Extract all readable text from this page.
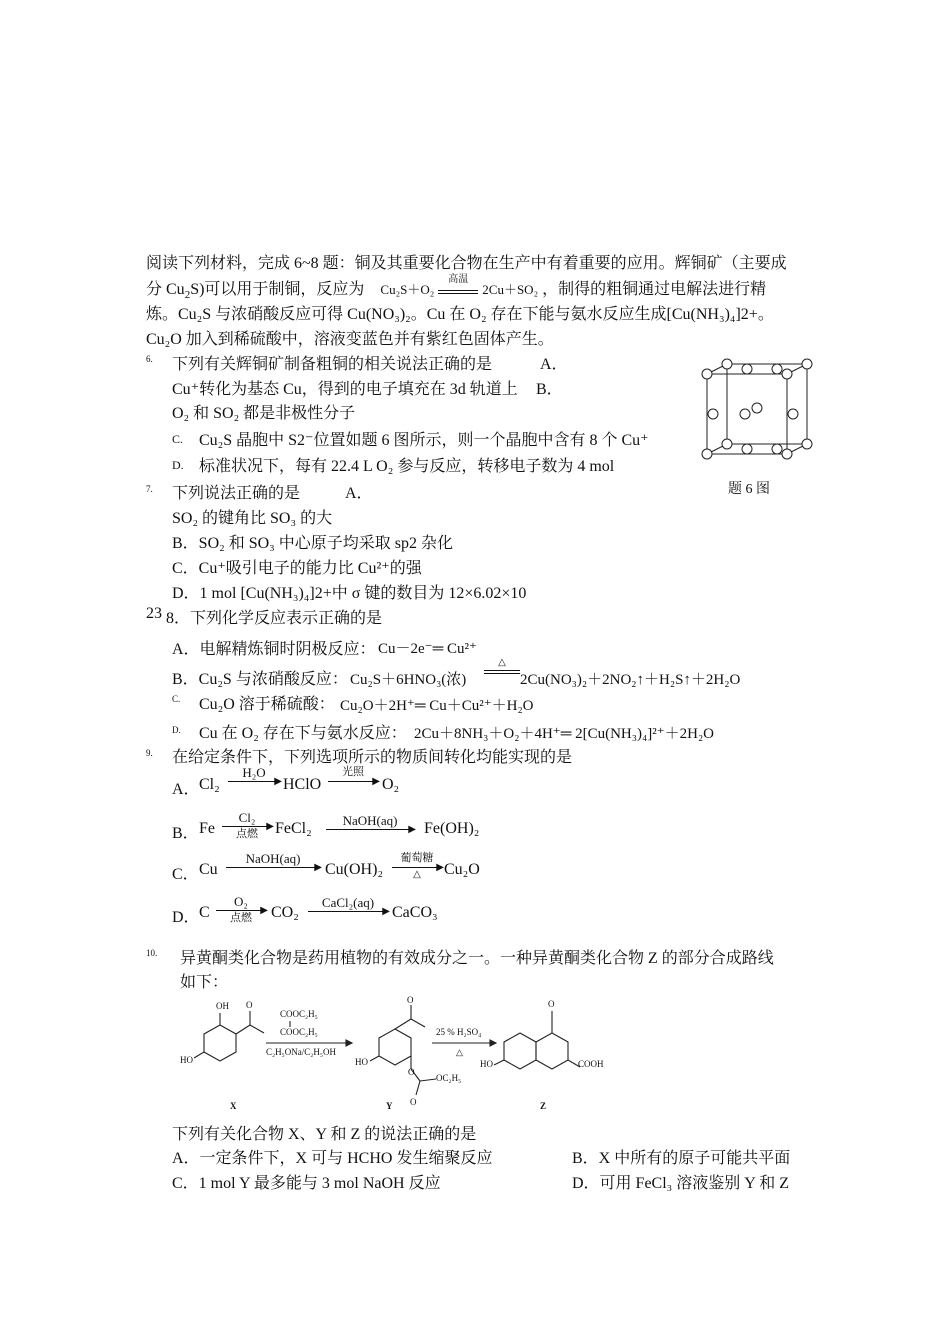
阅读下列材料，完成 6~8 题：铜及其重要化合物在生产中有着重要的应用。辉铜矿（主要成
分 $Cu_2S$)可以用于制铜，反应为 Cu₂S＋O₂
高温
2Cu＋SO₂ ，制得的粗铜通过电解法进行精
炼。Cu₂S 与浓硝酸反应可得 Cu(NO₃)₂。Cu 在 O₂ 存在下能与氨水反应生成[Cu(NH₃)₄]2+。
Cu₂O 加入到稀硫酸中，溶液变蓝色并有紫红色固体产生。
6. 下列有关辉铜矿制备粗铜的相关说法正确的是	A．
Cu⁺转化为基态 Cu，得到的电子填充在 3d 轨道上 B．
O₂ 和 SO₂ 都是非极性分子
C. Cu₂S 晶胞中 S2⁻位置如题 6 图所示，则一个晶胞中含有 8 个 Cu⁺
D. 标准状况下，每有 22.4 L O₂ 参与反应，转移电子数为 4 mol
题 6 图
7. 下列说法正确的是	A．
SO₂ 的键角比 SO₃ 的大
B．SO₂ 和 SO₃ 中心原子均采取 sp2 杂化
C．Cu⁺吸引电子的能力比 Cu²⁺的强
D．1 mol [Cu(NH₃)₄]2+中 σ 键的数目为 12×6.02×10
23 8．下列化学反应表示正确的是
A．电解精炼铜时阴极反应： Cu－2e⁻═ Cu²⁺
B．Cu₂S 与浓硝酸反应： Cu₂S＋6HNO₃(浓)
△
2Cu(NO₃)₂＋2NO₂↑＋H₂S↑＋2H₂O
C. Cu₂O 溶于稀硫酸： Cu₂O＋2H⁺═ Cu＋Cu²⁺＋H₂O
D. Cu 在 O₂ 存在下与氨水反应： 2Cu＋8NH₃＋O₂＋4H⁺═ 2[Cu(NH₃)₄]²⁺＋2H₂O
9. 在给定条件下，下列选项所示的物质间转化均能实现的是
A． Cl₂
H₂O
▶ HClO
光照
▶ O₂
B． Fe
Cl₂
▶
点燃	FeCl₂	NaOH(aq)
▶ Fe(OH)₂
C． Cu
NaOH(aq)
▶ Cu(OH)₂
葡萄糖
▶
△	Cu₂O
D． C
O₂
▶
点燃	CO₂
CaCl₂(aq)
▶ CaCO₃
10. 异黄酮类化合物是药用植物的有效成分之一。一种异黄酮类化合物 Z 的部分合成路线
如下：
OH O
HO
COOC₂H₅
COOC₂H₅
C₂H₅ONa/C₂H₅OH
O
HO
O
O
OC₂H₅
25 % H₂SO₄
△
O
HO	COOH
X	Y	Z
下列有关化合物 X、Y 和 Z 的说法正确的是
A．一定条件下，X 可与 HCHO 发生缩聚反应	B．X 中所有的原子可能共平面
C．1 mol Y 最多能与 3 mol NaOH 反应	D．可用 FeCl₃ 溶液鉴别 Y 和 Z
